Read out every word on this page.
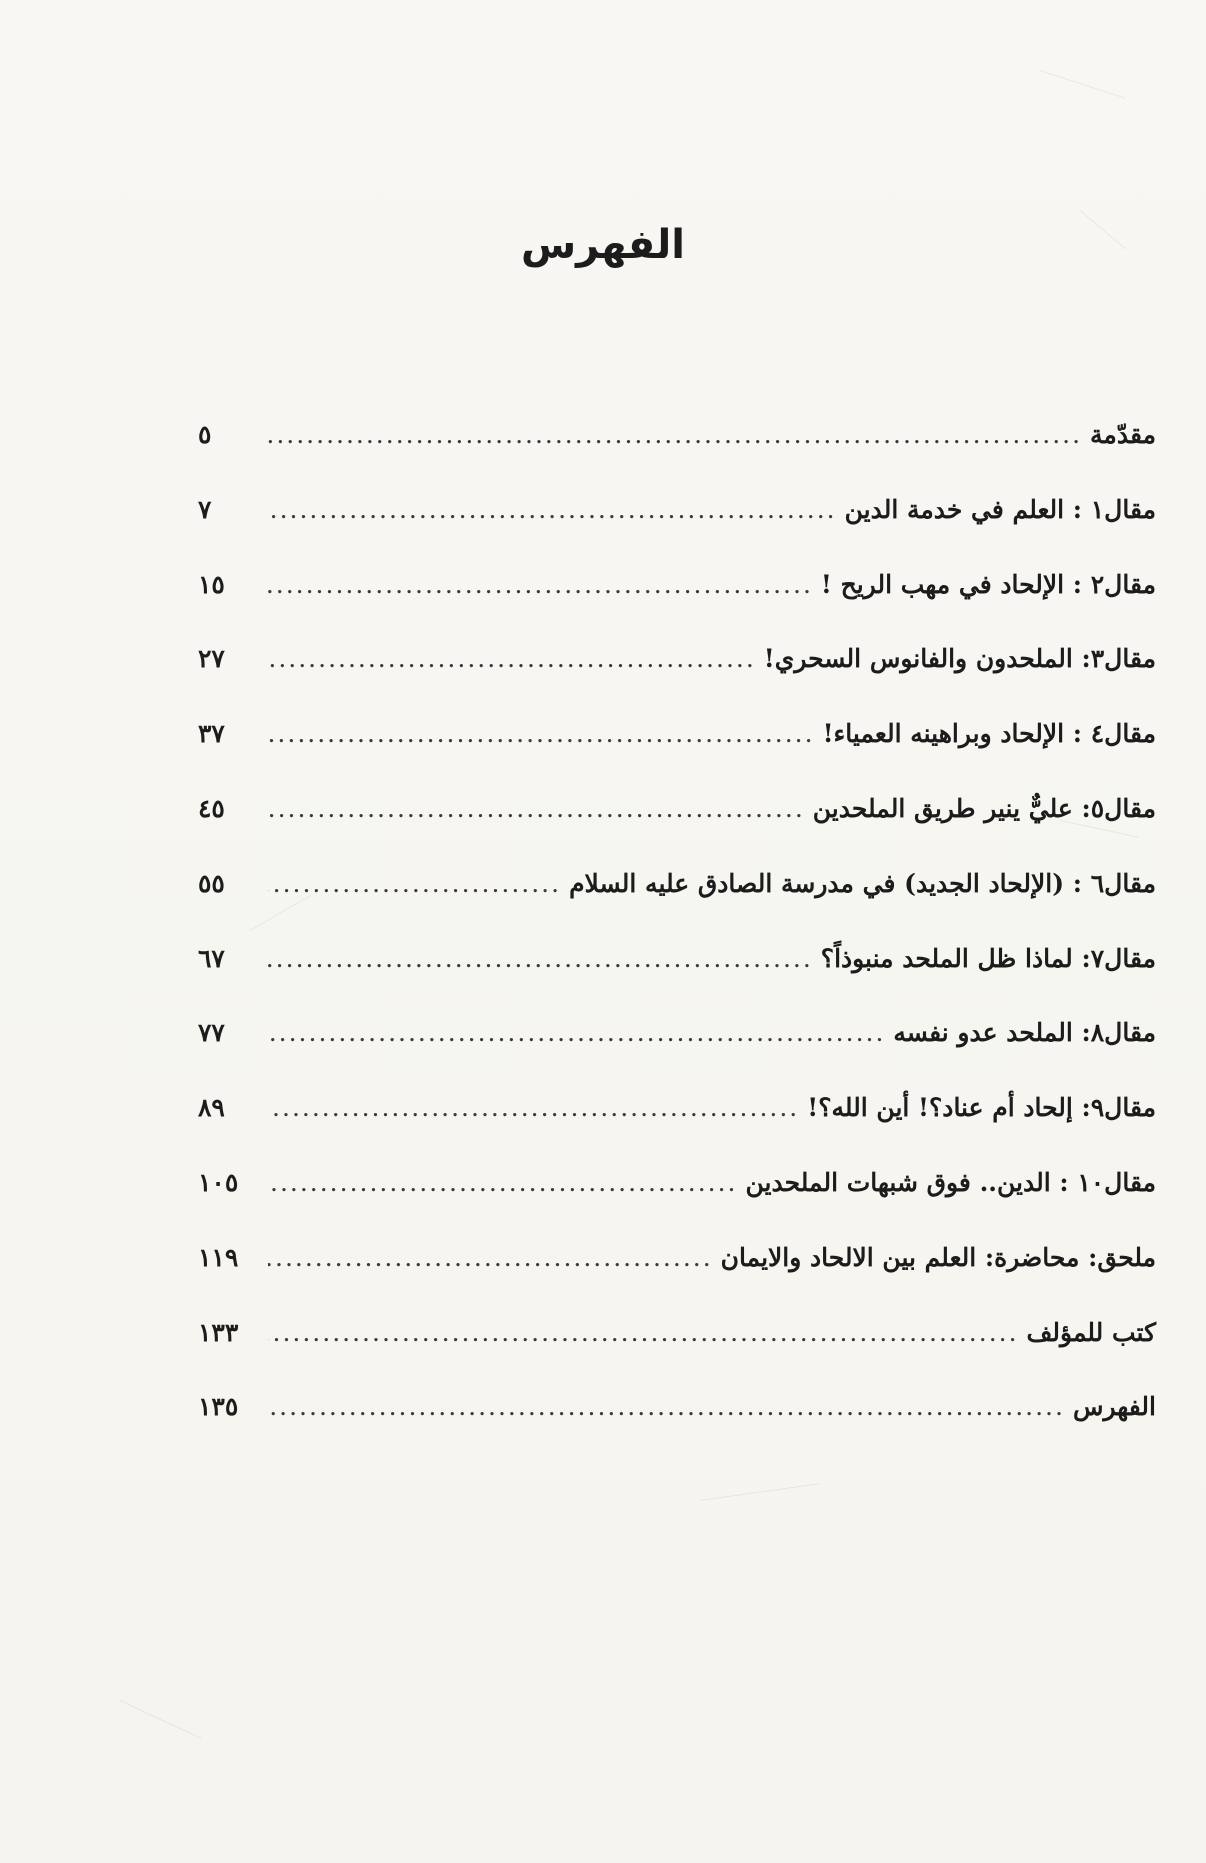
الفهرس
مقدّمة
.....
٥
مقال١ : العلم في خدمة الدين
.....
٧
مقال٢ : الإلحاد في مهب الريح !
.....
١٥
مقال٣: الملحدون والفانوس السحري!
.....
٢٧
مقال٤ : الإلحاد وبراهينه العمياء!
.....
٣٧
مقال٥: عليٌّ ينير طريق الملحدين
.....
٤٥
مقال٦ : (الإلحاد الجديد) في مدرسة الصادق عليه السلام
.....
٥٥
مقال٧: لماذا ظل الملحد منبوذاً؟
.....
٦٧
مقال٨: الملحد عدو نفسه
.....
٧٧
مقال٩: إلحاد أم عناد؟! أين الله؟!
.....
٨٩
مقال١٠ : الدين.. فوق شبهات الملحدين
.....
١٠٥
ملحق: محاضرة: العلم بين الالحاد والايمان
.....
١١٩
كتب للمؤلف
.....
١٣٣
الفهرس
.....
١٣٥
